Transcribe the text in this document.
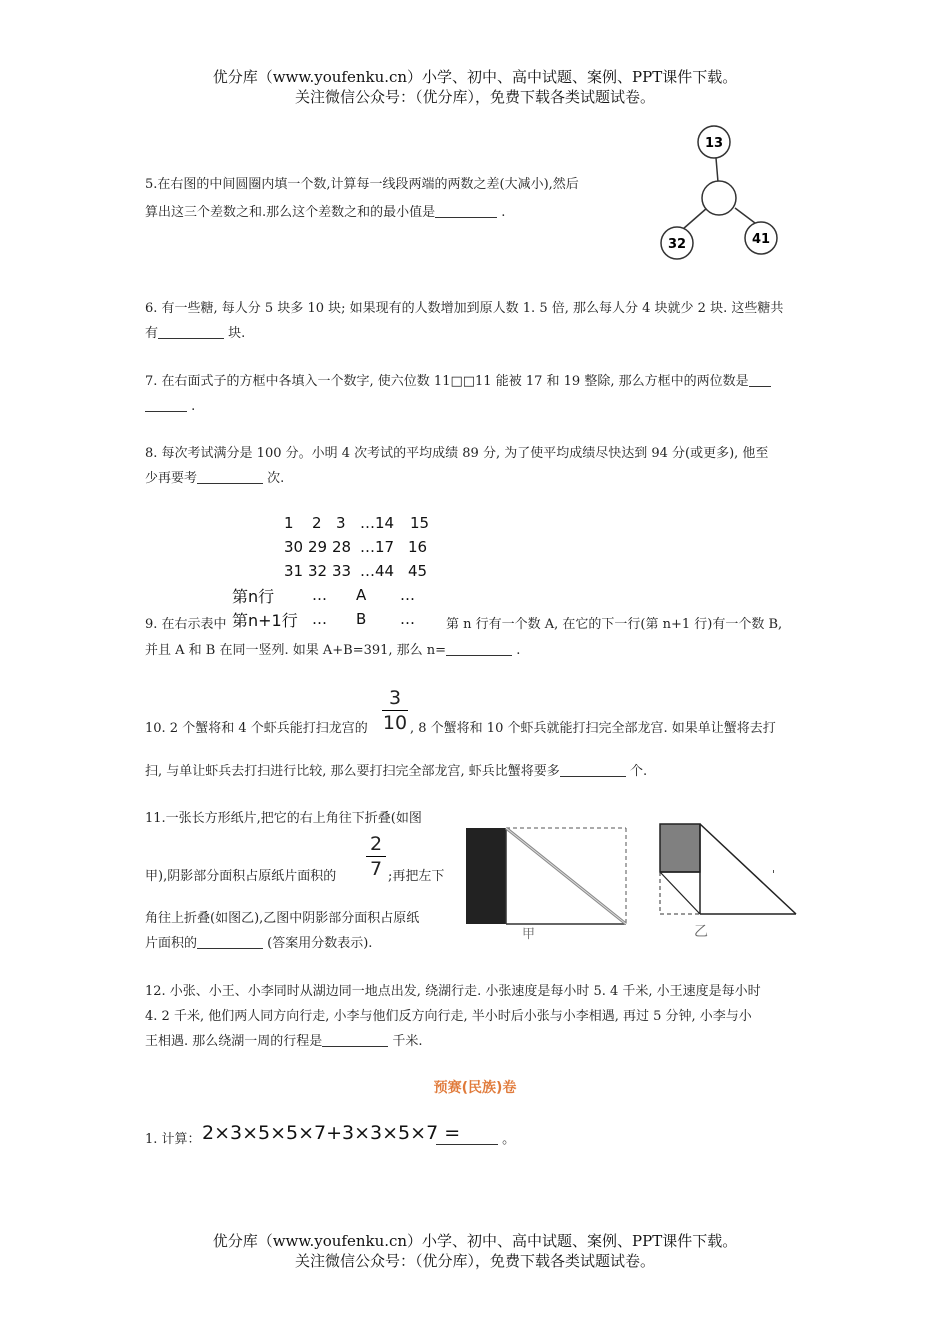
优分库（www.youfenku.cn）小学、初中、高中试题、案例、PPT课件下载。
关注微信公众号：（优分库），免费下载各类试题试卷。
5.在右图的中间圆圈内填一个数,计算每一线段两端的两数之差(大减小),然后
算出这三个差数之和.那么这个差数之和的最小值是	.
13
32	41
6. 有一些糖, 每人分 5 块多 10 块; 如果现有的人数增加到原人数 1. 5 倍, 那么每人分 4 块就少 2 块. 这些糖共
有	块.
7. 在右面式子的方框中各填入一个数字, 使六位数 11□□11 能被 17 和 19 整除, 那么方框中的两位数是
.
8. 每次考试满分是 100 分。小明 4 次考试的平均成绩 89 分, 为了使平均成绩尽快达到 94 分(或更多), 他至
少再要考	次.
1 2 3 …14 15
30 29 28 …17 16
31 32 33 …44 45
第n行	… A …
第n+1行 … B …
9. 在右示表中	第 n 行有一个数 A, 在它的下一行(第 n+1 行)有一个数 B,
并且 A 和 B 在同一竖列. 如果 A+B=391, 那么 n=	.
10. 2 个蟹将和 4 个虾兵能打扫龙宫的
3
10 , 8 个蟹将和 10 个虾兵就能打扫完全部龙宫. 如果单让蟹将去打
扫, 与单让虾兵去打扫进行比较, 那么要打扫完全部龙宫, 虾兵比蟹将要多	个.
11.一张长方形纸片,把它的右上角往下折叠(如图
甲),阴影部分面积占原纸片面积的
2
7 ;再把左下
角往上折叠(如图乙),乙图中阴影部分面积占原纸
片面积的	(答案用分数表示).
甲
'
乙
12. 小张、小王、小李同时从湖边同一地点出发, 绕湖行走. 小张速度是每小时 5. 4 千米, 小王速度是每小时
4. 2 千米, 他们两人同方向行走, 小李与他们反方向行走, 半小时后小张与小李相遇, 再过 5 分钟, 小李与小
王相遇. 那么绕湖一周的行程是	千米.
预赛(民族)卷
1. 计算： 2×3×5×5×7+3×3×5×7 =	。
优分库（www.youfenku.cn）小学、初中、高中试题、案例、PPT课件下载。
关注微信公众号：（优分库），免费下载各类试题试卷。
